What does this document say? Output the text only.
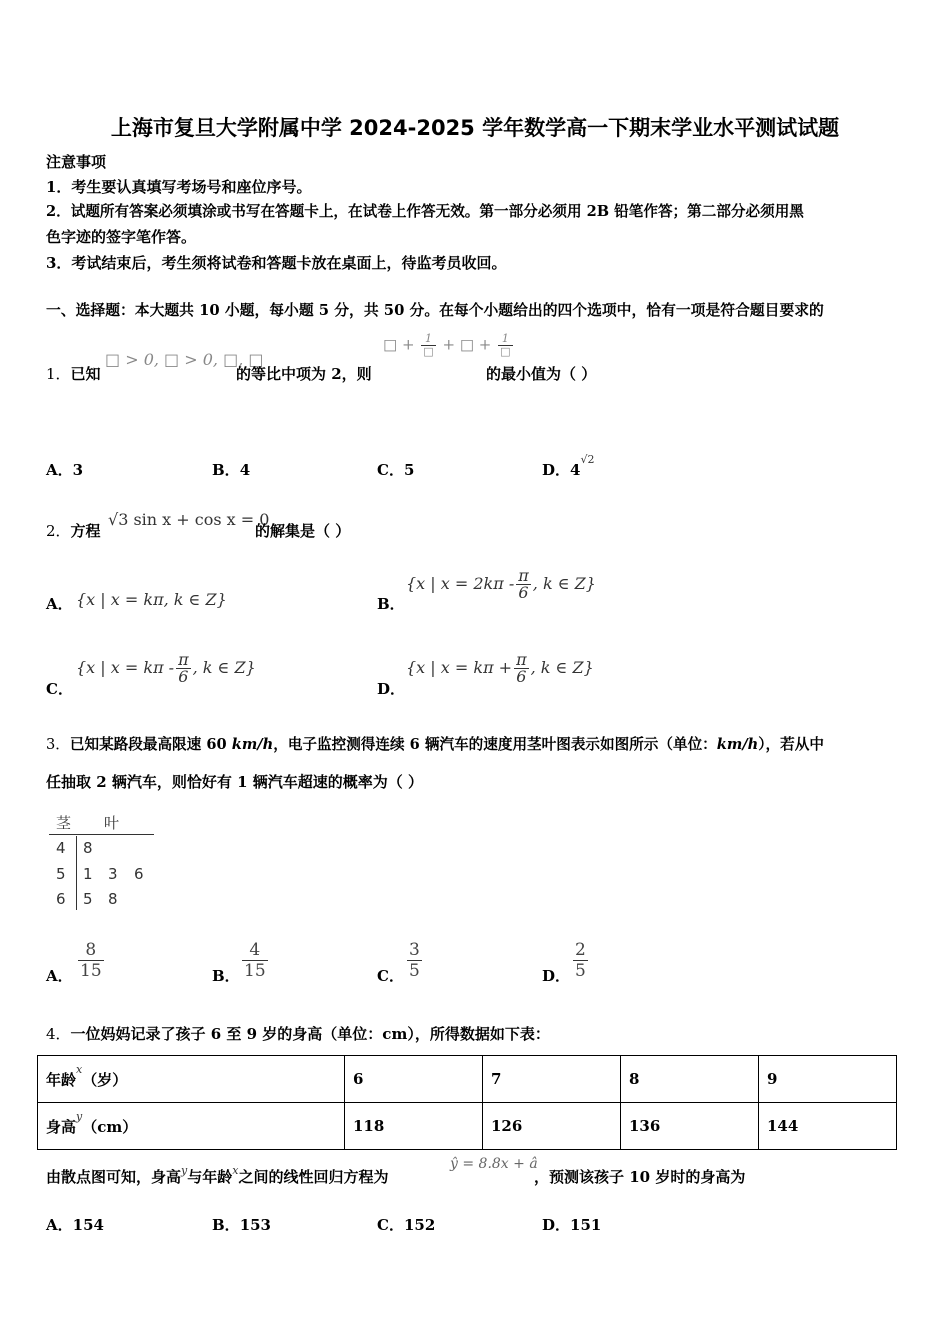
上海市复旦大学附属中学 2024-2025 学年数学高一下期末学业水平测试试题
注意事项
1．考生要认真填写考场号和座位序号。
2．试题所有答案必须填涂或书写在答题卡上，在试卷上作答无效。第一部分必须用 2B 铅笔作答；第二部分必须用黑
色字迹的签字笔作答。
3．考试结束后，考生须将试卷和答题卡放在桌面上，待监考员收回。
一、选择题：本大题共 10 小题，每小题 5 分，共 50 分。在每个小题给出的四个选项中，恰有一项是符合题目要求的
1．已知
□ > 0, □ > 0, □, □
的等比中项为 2，则
□ + $\frac{1}{□}$ + □ + $\frac{1}{□}$
的最小值为（ ）
A．3	B．4	C．5	D．$4^{√2}$
2．方程
√3 sin x + cos x = 0
的解集是（ ）
A． {x | x = kπ, k ∈ Z}	B．
{x | $x = 2k\pi - \frac{\pi}{6}$ , k ∈ Z}
C．
{x | $x = k\pi - \frac{\pi}{6}$ , k ∈ Z}
D．
{x | $x = k\pi + \frac{\pi}{6}$ , k ∈ Z}
3．已知某路段最高限速 60 km/h，电子监控测得连续 6 辆汽车的速度用茎叶图表示如图所示（单位：km/h），若从中
任抽取 2 辆汽车，则恰好有 1 辆汽车超速的概率为（ ）
茎 叶
4 8
5 1 3 6
6 5 8
A． $\frac{8}{15}$	B． $\frac{4}{15}$	C． $\frac{3}{5}$	D． $\frac{2}{5}$
4．一位妈妈记录了孩子 6 至 9 岁的身高（单位：cm），所得数据如下表：
年龄$^x$（岁）	6	7	8	9
身高$^y$（cm）	118	126	136	144
由散点图可知，身高$^y$与年龄$^x$之间的线性回归方程为
ŷ = 8.8x + â
，预测该孩子 10 岁时的身高为
A．154	B．153	C．152	D．151
